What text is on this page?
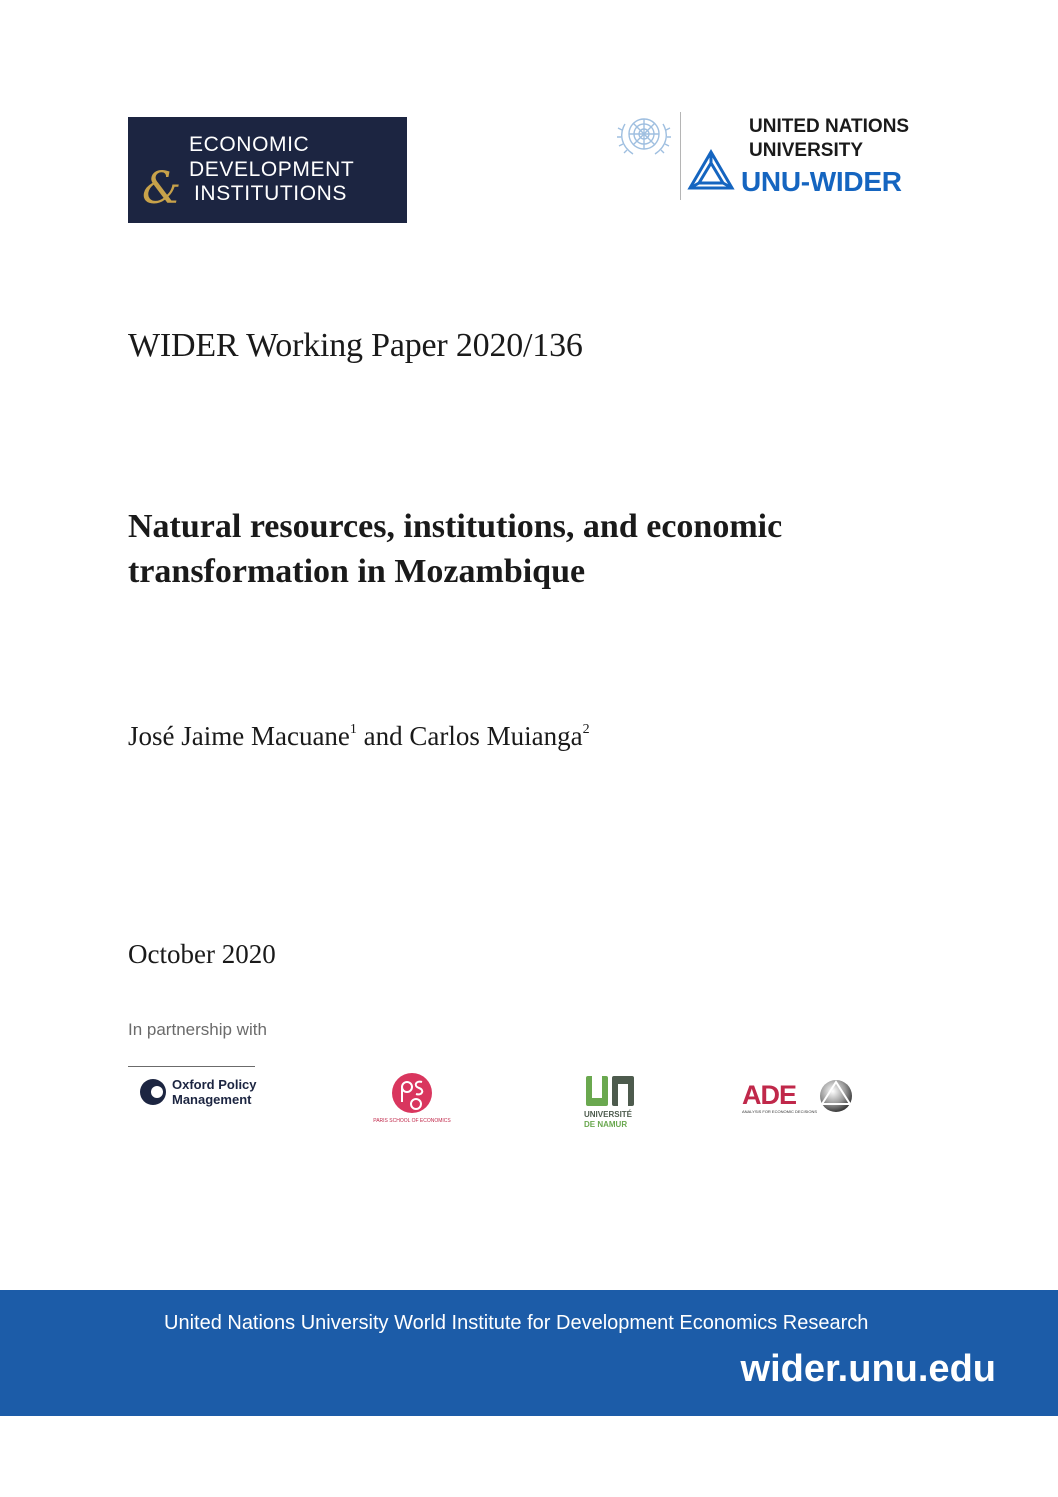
&
ECONOMIC
DEVELOPMENT
INSTITUTIONS
UNITED NATIONS
UNIVERSITY
UNU-WIDER
WIDER Working Paper 2020/136
Natural resources, institutions, and economic transformation in Mozambique
José Jaime Macuane$^1$ and Carlos Muianga$^2$
October 2020
In partnership with
Oxford Policy
Management
PARIS SCHOOL OF ECONOMICS
UNIVERSITÉ
DE NAMUR
ADE
ANALYSIS FOR ECONOMIC DECISIONS
United Nations University World Institute for Development Economics Research
wider.unu.edu
